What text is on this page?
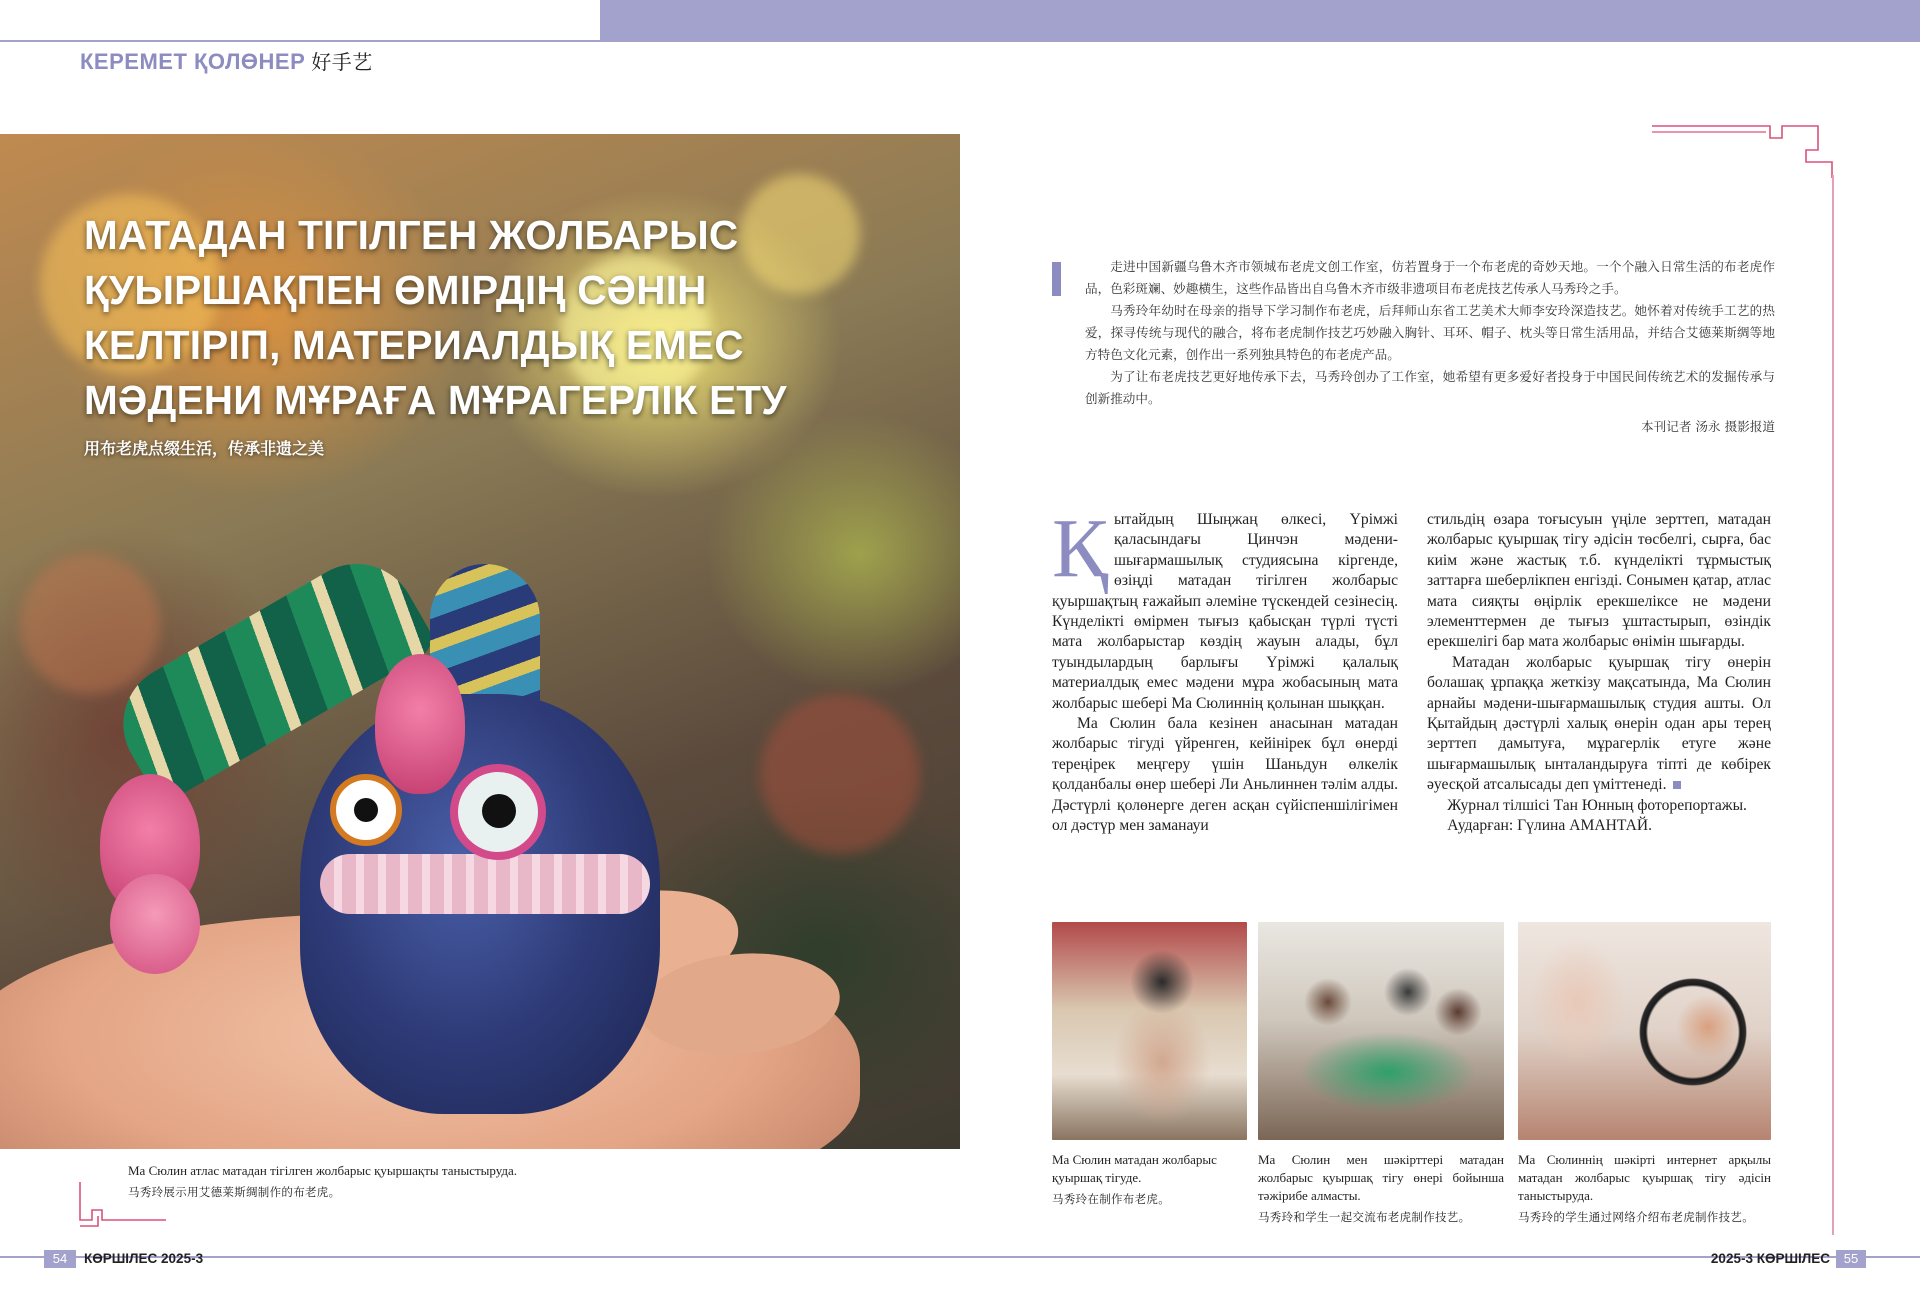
КЕРЕМЕТ ҚОЛӨНЕР 好手艺
МАТАДАН ТІГІЛГЕН ЖОЛБАРЫС ҚУЫРШАҚПЕН ӨМІРДІҢ СӘНІН КЕЛТІРІП, МАТЕРИАЛДЫҚ ЕМЕС МӘДЕНИ МҰРАҒА МҰРАГЕРЛІК ЕТУ
用布老虎点缀生活，传承非遗之美
Ма Сюлин атлас матадан тігілген жолбарыс қуыршақты таныстыруда.
马秀玲展示用艾德莱斯绸制作的布老虎。

走进中国新疆乌鲁木齐市领城布老虎文创工作室，仿若置身于一个布老虎的奇妙天地。一个个融入日常生活的布老虎作品，色彩斑斓、妙趣横生，这些作品皆出自乌鲁木齐市级非遗项目布老虎技艺传承人马秀玲之手。

马秀玲年幼时在母亲的指导下学习制作布老虎，后拜师山东省工艺美术大师李安玲深造技艺。她怀着对传统手工艺的热爱，探寻传统与现代的融合，将布老虎制作技艺巧妙融入胸针、耳环、帽子、枕头等日常生活用品，并结合艾德莱斯绸等地方特色文化元素，创作出一系列独具特色的布老虎产品。

为了让布老虎技艺更好地传承下去，马秀玲创办了工作室，她希望有更多爱好者投身于中国民间传统艺术的发掘传承与创新推动中。

本刊记者 汤永 摄影报道

Қытайдың Шыңжаң өлкесі, Үрімжі қаласындағы Цинчэн мәдени-шығармашылық студиясына кіргенде, өзіңді матадан тігілген жолбарыс қуыршақтың ғажайып әлеміне түскендей сезінесің. Күнделікті өмірмен тығыз қабысқан түрлі түсті мата жолбарыстар көздің жауын алады, бұл туындылардың барлығы Үрімжі қалалық материалдық емес мәдени мұра жобасының мата жолбарыс шебері Ма Сюлиннің қолынан шыққан.

Ма Сюлин бала кезінен анасынан матадан жолбарыс тігуді үйренген, кейінірек бұл өнерді тереңірек меңгеру үшін Шаньдун өлкелік қолданбалы өнер шебері Ли Аньлиннен тәлім алды. Дәстүрлі қолөнерге деген асқан сүйіспеншілігімен ол дәстүр мен заманауи

стильдің өзара тоғысуын үңіле зерттеп, матадан жолбарыс қуыршақ тігу әдісін төсбелгі, сырға, бас киім және жастық т.б. күнделікті тұрмыстық заттарға шеберлікпен енгізді. Сонымен қатар, атлас мата сияқты өңірлік ерекшеліксе не мәдени элементтермен де тығыз ұштастырып, өзіндік ерекшелігі бар мата жолбарыс өнімін шығарды.

Матадан жолбарыс қуыршақ тігу өнерін болашақ ұрпаққа жеткізу мақсатында, Ма Сюлин арнайы мәдени-шығармашылық студия ашты. Ол Қытайдың дәстүрлі халық өнерін одан ары терең зерттеп дамытуға, мұрагерлік етуге және шығармашылық ынталандыруға тіпті де көбірек әуесқой атсалысады деп үміттенеді.

Журнал тілшісі Тан Юнның фоторепортажы.

Аударған: Гүлина АМАНТАЙ.

Ма Сюлин матадан жолбарыс қуыршақ тігуде.
马秀玲在制作布老虎。
Ма Сюлин мен шәкірттері матадан жолбарыс қуыршақ тігу өнері бойынша тәжірибе алмасты.
马秀玲和学生一起交流布老虎制作技艺。
Ма Сюлиннің шәкірті интернет арқылы матадан жолбарыс қуыршақ тігу әдісін таныстыруда.
马秀玲的学生通过网络介绍布老虎制作技艺。
54	КӨРШІЛЕС 2025-3	2025-3 КӨРШІЛЕС	55
